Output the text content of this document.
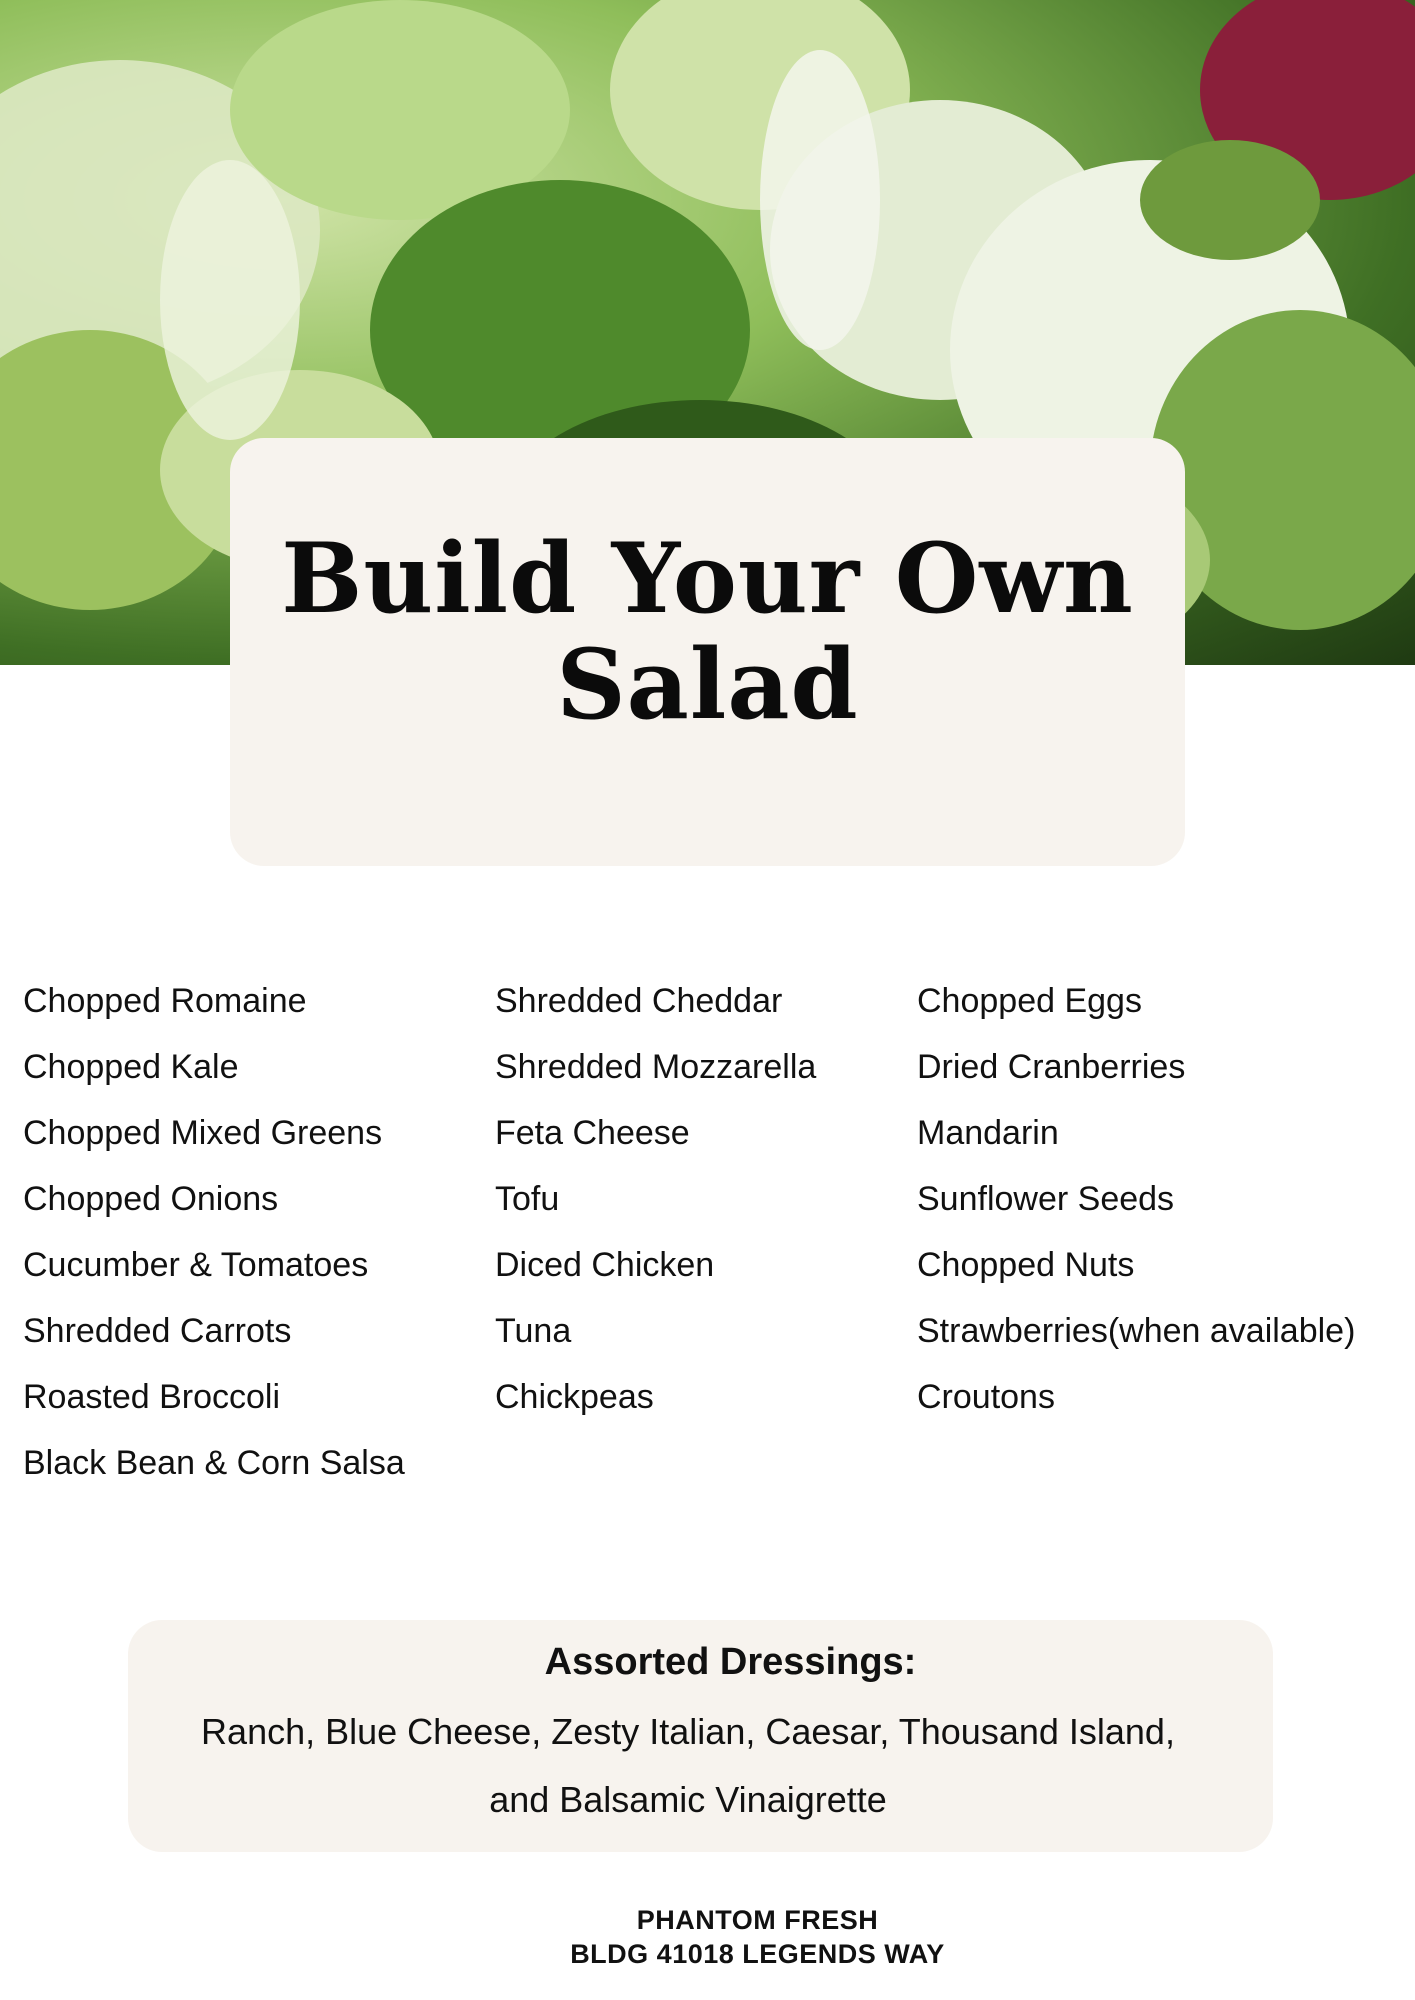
Build Your Own Salad
Chopped Romaine
Chopped Kale
Chopped Mixed Greens
Chopped Onions
Cucumber & Tomatoes
Shredded Carrots
Roasted Broccoli
Black Bean & Corn Salsa
Shredded Cheddar
Shredded Mozzarella
Feta Cheese
Tofu
Diced Chicken
Tuna
Chickpeas
Chopped Eggs
Dried Cranberries
Mandarin
Sunflower Seeds
Chopped Nuts
Strawberries(when available)
Croutons
Assorted Dressings:
Ranch, Blue Cheese, Zesty Italian, Caesar, Thousand Island, and Balsamic Vinaigrette
PHANTOM FRESH
BLDG 41018 LEGENDS WAY
